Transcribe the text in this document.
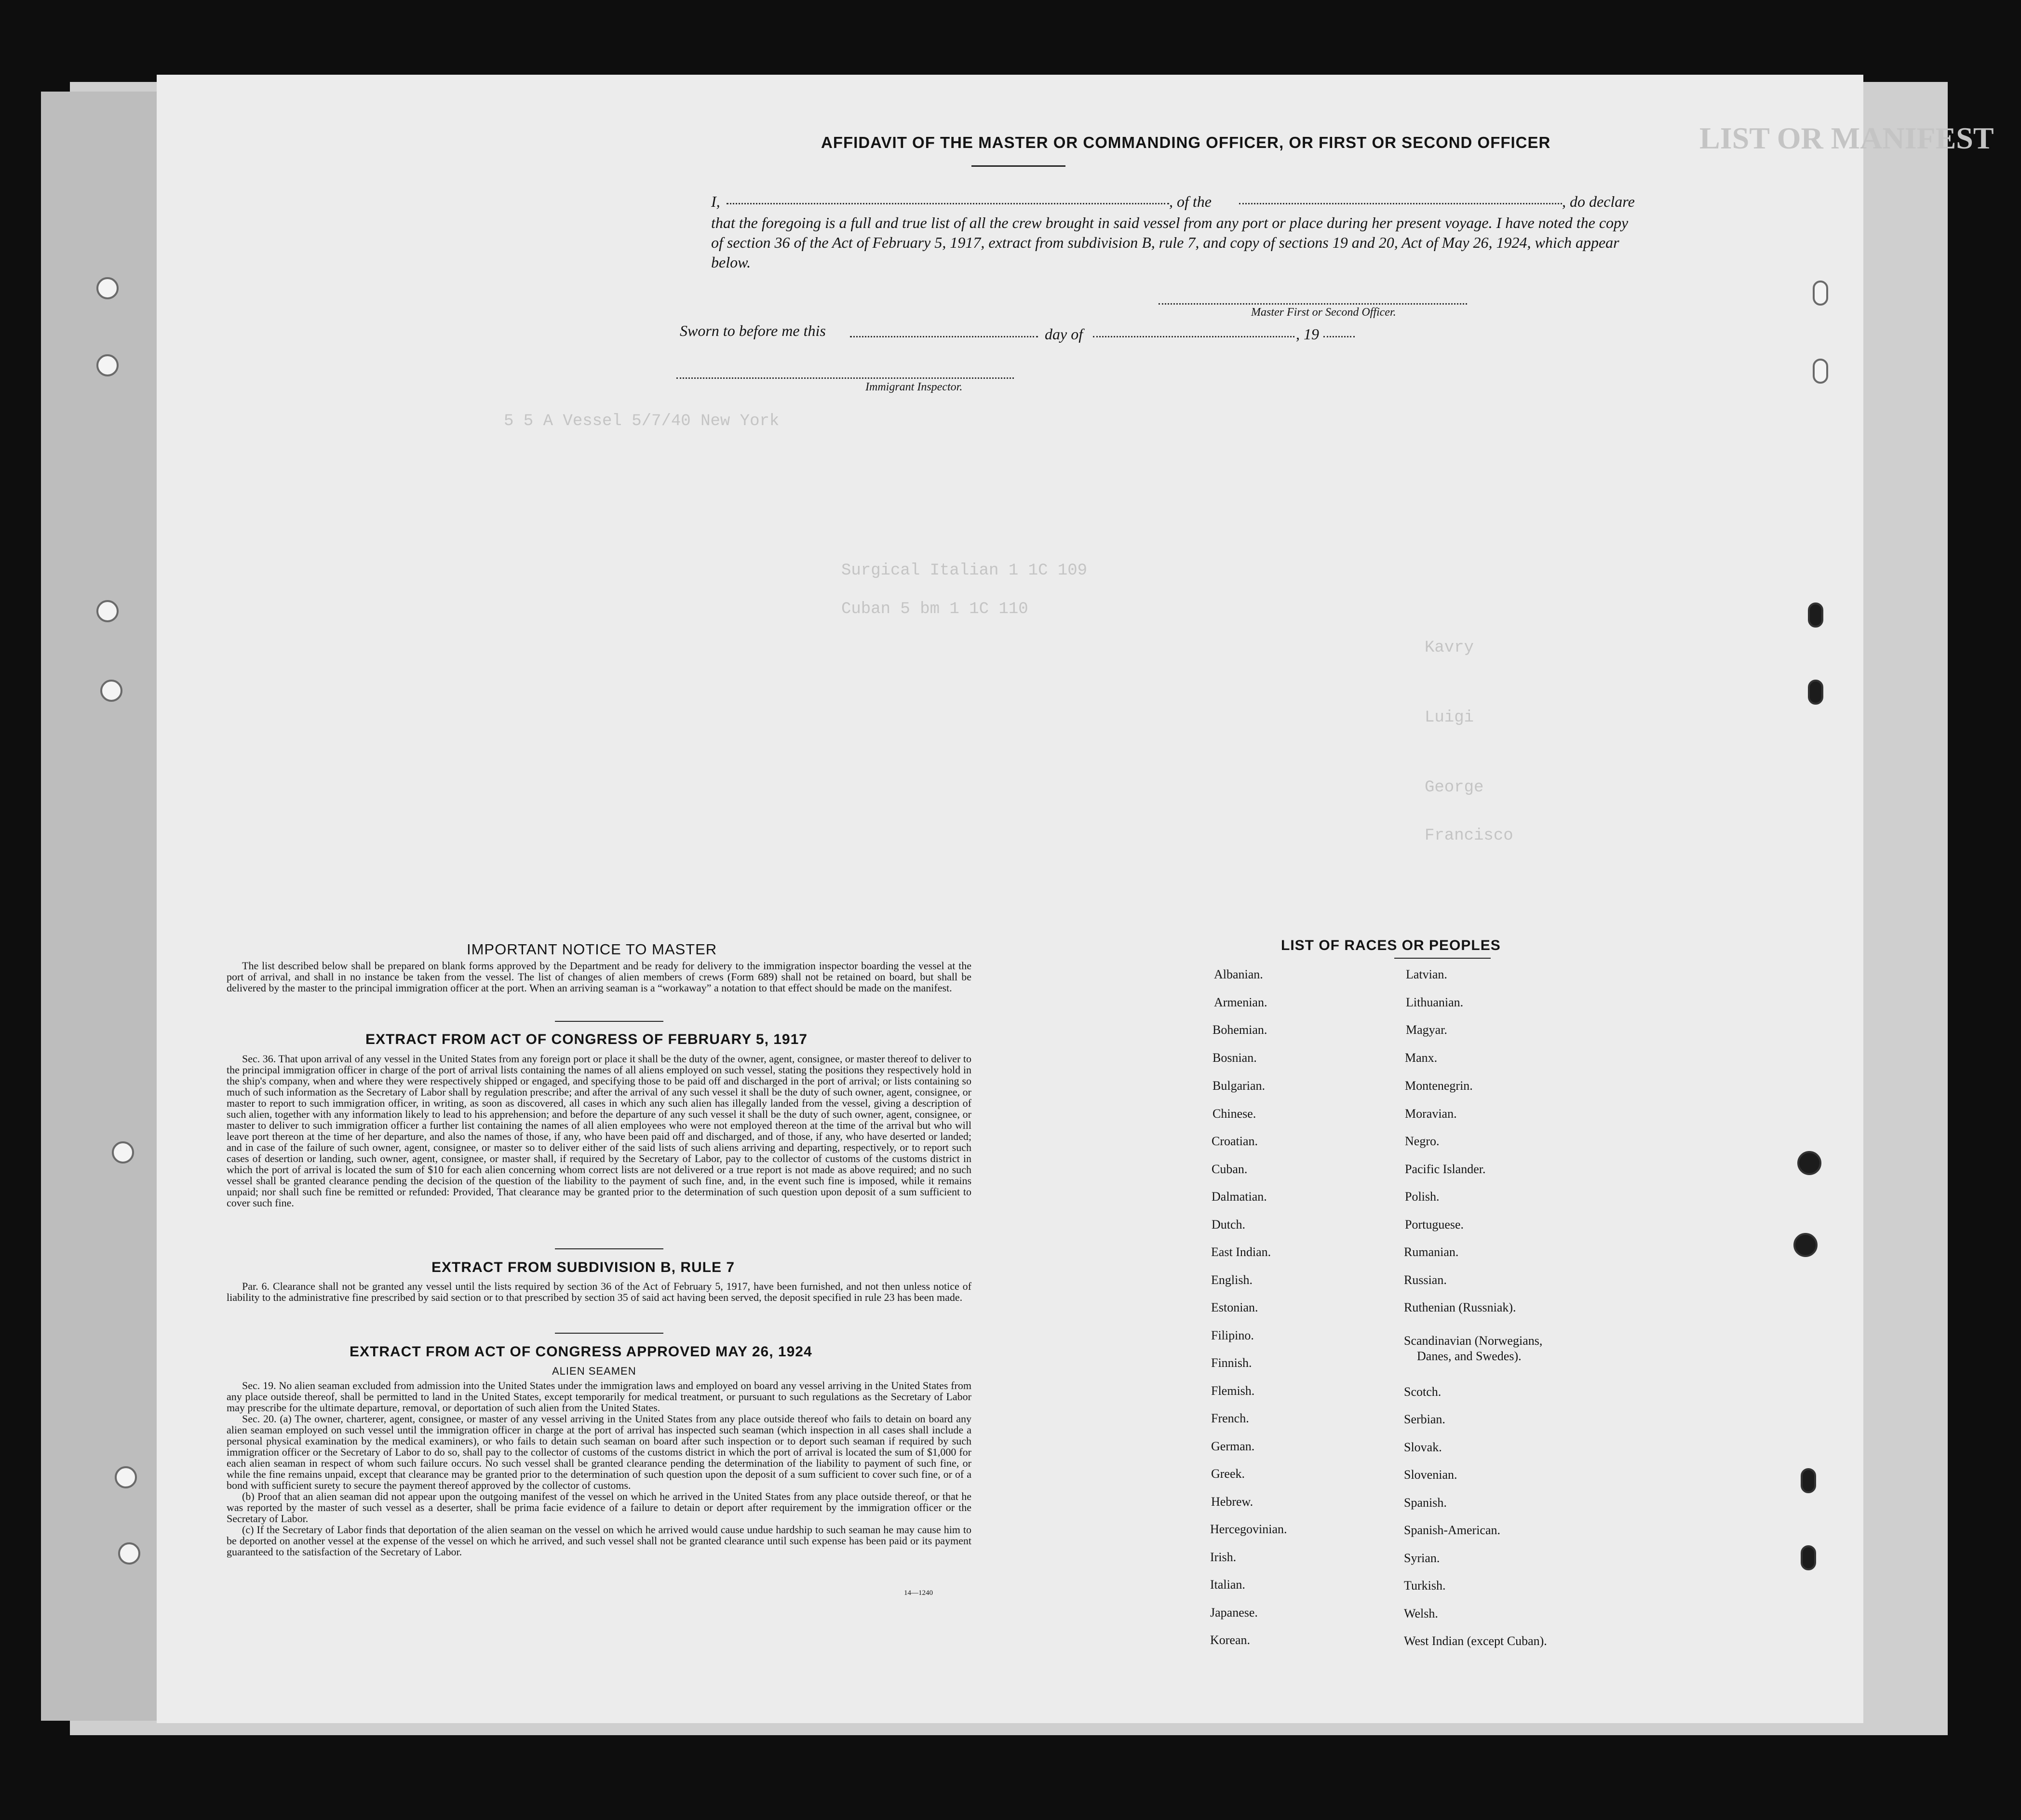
LIST OR MANIFEST
5 5 A Vessel 5/7/40 New York
Surgical Italian 1 1C 109
Cuban 5 bm 1 1C 110
Kavry
Luigi
George
Francisco
AFFIDAVIT OF THE MASTER OR COMMANDING OFFICER, OR FIRST OR SECOND OFFICER
I,	, of the	, do declare
that the foregoing is a full and true list of all the crew brought in said vessel from any port or place during her present voyage. I have noted the copy of section 36 of the Act of February 5, 1917, extract from subdivision B, rule 7, and copy of sections 19 and 20, Act of May 26, 1924, which appear below.
Master First or Second Officer.
Sworn to before me this	day of	, 19
Immigrant Inspector.
IMPORTANT NOTICE TO MASTER

The list described below shall be prepared on blank forms approved by the Department and be ready for delivery to the immigration inspector boarding the vessel at the port of arrival, and shall in no instance be taken from the vessel. The list of changes of alien members of crews (Form 689) shall not be retained on board, but shall be delivered by the master to the principal immigration officer at the port. When an arriving seaman is a “workaway” a notation to that effect should be made on the manifest.

EXTRACT FROM ACT OF CONGRESS OF FEBRUARY 5, 1917

Sec. 36. That upon arrival of any vessel in the United States from any foreign port or place it shall be the duty of the owner, agent, consignee, or master thereof to deliver to the principal immigration officer in charge of the port of arrival lists containing the names of all aliens employed on such vessel, stating the positions they respectively hold in the ship's company, when and where they were respectively shipped or engaged, and specifying those to be paid off and discharged in the port of arrival; or lists containing so much of such information as the Secretary of Labor shall by regulation prescribe; and after the arrival of any such vessel it shall be the duty of such owner, agent, consignee, or master to report to such immigration officer, in writing, as soon as discovered, all cases in which any such alien has illegally landed from the vessel, giving a description of such alien, together with any information likely to lead to his apprehension; and before the departure of any such vessel it shall be the duty of such owner, agent, consignee, or master to deliver to such immigration officer a further list containing the names of all alien employees who were not employed thereon at the time of the arrival but who will leave port thereon at the time of her departure, and also the names of those, if any, who have been paid off and discharged, and of those, if any, who have deserted or landed; and in case of the failure of such owner, agent, consignee, or master so to deliver either of the said lists of such aliens arriving and departing, respectively, or to report such cases of desertion or landing, such owner, agent, consignee, or master shall, if required by the Secretary of Labor, pay to the collector of customs of the customs district in which the port of arrival is located the sum of $10 for each alien concerning whom correct lists are not delivered or a true report is not made as above required; and no such vessel shall be granted clearance pending the decision of the question of the liability to the payment of such fine, and, in the event such fine is imposed, while it remains unpaid; nor shall such fine be remitted or refunded: Provided, That clearance may be granted prior to the determination of such question upon deposit of a sum sufficient to cover such fine.

EXTRACT FROM SUBDIVISION B, RULE 7

Par. 6. Clearance shall not be granted any vessel until the lists required by section 36 of the Act of February 5, 1917, have been furnished, and not then unless notice of liability to the administrative fine prescribed by said section or to that prescribed by section 35 of said act having been served, the deposit specified in rule 23 has been made.

EXTRACT FROM ACT OF CONGRESS APPROVED MAY 26, 1924
ALIEN SEAMEN

Sec. 19. No alien seaman excluded from admission into the United States under the immigration laws and employed on board any vessel arriving in the United States from any place outside thereof, shall be permitted to land in the United States, except temporarily for medical treatment, or pursuant to such regulations as the Secretary of Labor may prescribe for the ultimate departure, removal, or deportation of such alien from the United States.

Sec. 20. (a) The owner, charterer, agent, consignee, or master of any vessel arriving in the United States from any place outside thereof who fails to detain on board any alien seaman employed on such vessel until the immigration officer in charge at the port of arrival has inspected such seaman (which inspection in all cases shall include a personal physical examination by the medical examiners), or who fails to detain such seaman on board after such inspection or to deport such seaman if required by such immigration officer or the Secretary of Labor to do so, shall pay to the collector of customs of the customs district in which the port of arrival is located the sum of $1,000 for each alien seaman in respect of whom such failure occurs. No such vessel shall be granted clearance pending the determination of the liability to payment of such fine, or while the fine remains unpaid, except that clearance may be granted prior to the determination of such question upon the deposit of a sum sufficient to cover such fine, or of a bond with sufficient surety to secure the payment thereof approved by the collector of customs.

(b) Proof that an alien seaman did not appear upon the outgoing manifest of the vessel on which he arrived in the United States from any place outside thereof, or that he was reported by the master of such vessel as a deserter, shall be prima facie evidence of a failure to detain or deport after requirement by the immigration officer or the Secretary of Labor.

(c) If the Secretary of Labor finds that deportation of the alien seaman on the vessel on which he arrived would cause undue hardship to such seaman he may cause him to be deported on another vessel at the expense of the vessel on which he arrived, and such vessel shall not be granted clearance until such expense has been paid or its payment guaranteed to the satisfaction of the Secretary of Labor.

14—1240
LIST OF RACES OR PEOPLES
Albanian.
Armenian.
Bohemian.
Bosnian.
Bulgarian.
Chinese.
Croatian.
Cuban.
Dalmatian.
Dutch.
East Indian.
English.
Estonian.
Filipino.
Finnish.
Flemish.
French.
German.
Greek.
Hebrew.
Hercegovinian.
Irish.
Italian.
Japanese.
Korean.
Latvian.
Lithuanian.
Magyar.
Manx.
Montenegrin.
Moravian.
Negro.
Pacific Islander.
Polish.
Portuguese.
Rumanian.
Russian.
Ruthenian (Russniak).
Scandinavian (Norwegians,
Danes, and Swedes).
Scotch.
Serbian.
Slovak.
Slovenian.
Spanish.
Spanish-American.
Syrian.
Turkish.
Welsh.
West Indian (except Cuban).
